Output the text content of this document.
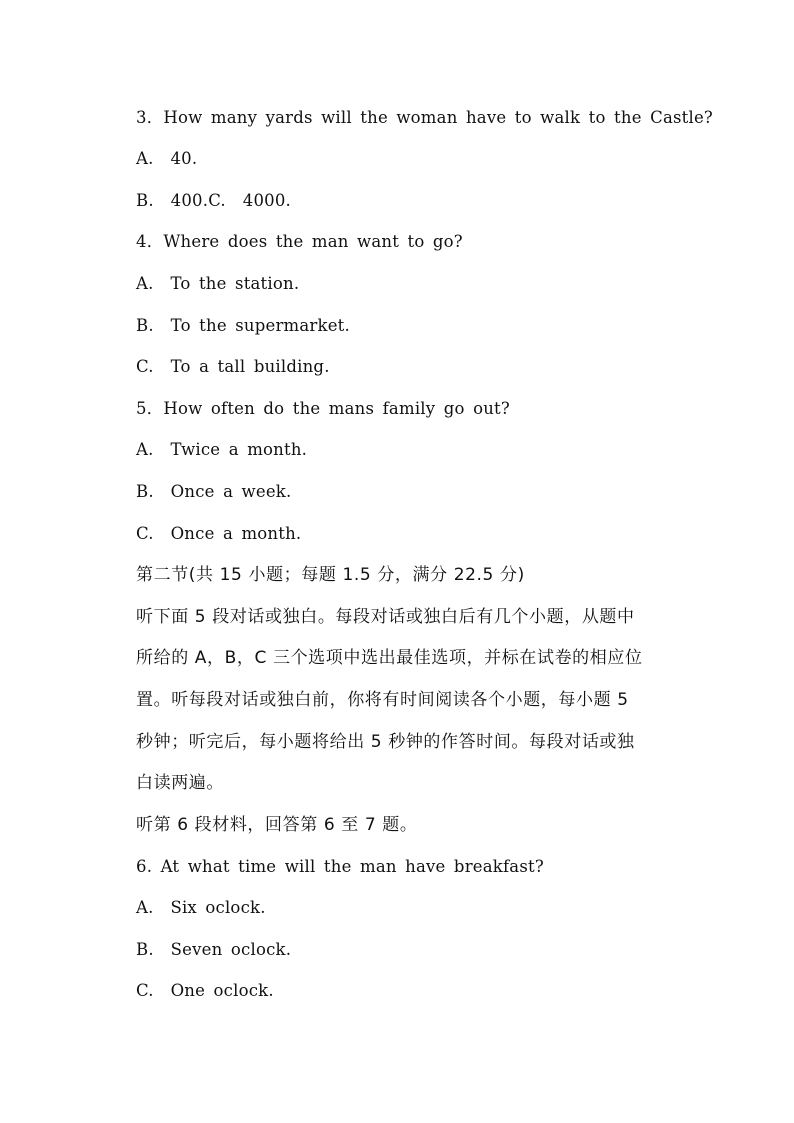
3．How many yards will the woman have to walk to the Castle?
A.  40.
B.  400.C.  4000.
4．Where does the man want to go?
A.  To the station.
B.  To the supermarket.
C.  To a tall building.
5．How often do the mans family go out?
A.  Twice a month.
B.  Once a week.
C.  Once a month.
第二节(共 15 小题；每题 1.5 分，满分 22.5 分)
听下面 5 段对话或独白。每段对话或独白后有几个小题，从题中
所给的 A，B，C 三个选项中选出最佳选项，并标在试卷的相应位
置。听每段对话或独白前，你将有时间阅读各个小题，每小题 5
秒钟；听完后，每小题将给出 5 秒钟的作答时间。每段对话或独
白读两遍。
听第 6 段材料，回答第 6 至 7 题。
6. At what time will the man have breakfast?
A.  Six oclock.
B.  Seven oclock.
C.  One oclock.
